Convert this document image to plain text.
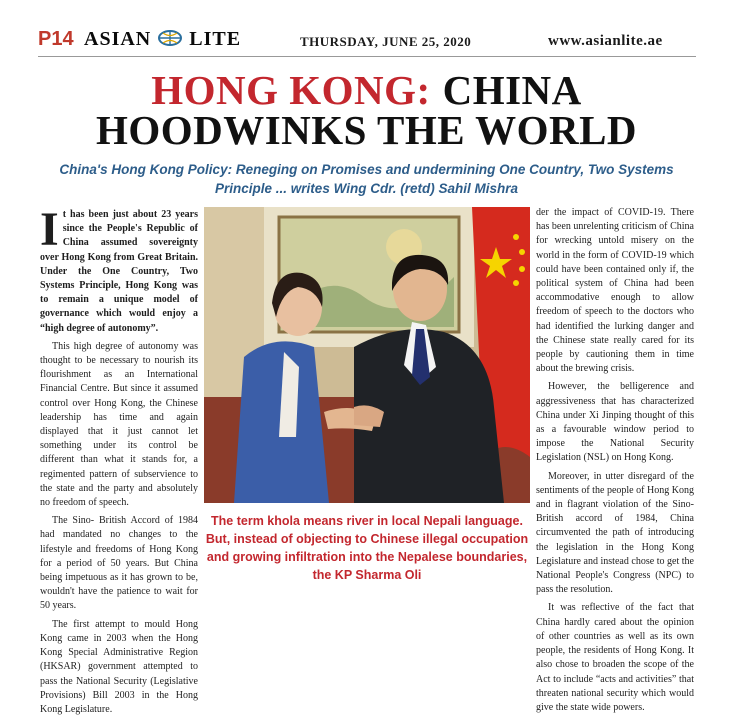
P14 ASIAN LITE	THURSDAY, JUNE 25, 2020	www.asianlite.ae
HONG KONG: CHINA
HOODWINKS THE WORLD
China's Hong Kong Policy: Reneging on Promises and undermining One Country, Two Systems
Principle ... writes Wing Cdr. (retd) Sahil Mishra

It has been just about 23 years since the People's Republic of China assumed sovereignty over Hong Kong from Great Britain. Under the One Country, Two Systems Principle, Hong Kong was to remain a unique model of governance which would enjoy a “high degree of autonomy”.

This high degree of autonomy was thought to be necessary to nourish its flourishment as an International Financial Centre. But since it assumed control over Hong Kong, the Chinese leadership has time and again displayed that it just cannot let something under its control be different than what it stands for, a regimented pattern of subservience to the state and the party and absolutely no freedom of speech.

The Sino- British Accord of 1984 had mandated no changes to the lifestyle and freedoms of Hong Kong for a period of 50 years. But China being impetuous as it has grown to be, wouldn't have the patience to wait for 50 years.

The first attempt to mould Hong Kong came in 2003 when the Hong Kong Special Administrative Region (HKSAR) government attempted to pass the National Security (Legislative Provisions) Bill 2003 in the Hong Kong Legislature.

The term khola means river in local Nepali language. But, instead of objecting to Chinese illegal occupation and growing infiltration into the Nepalese boundaries, the KP Sharma Oli

der the impact of COVID-19. There has been unrelenting criticism of China for wrecking untold misery on the world in the form of COVID-19 which could have been contained only if, the political system of China had been accommodative enough to allow freedom of speech to the doctors who had identified the lurking danger and the Chinese state really cared for its people by cautioning them in time about the brewing crisis.

However, the belligerence and aggressiveness that has characterized China under Xi Jinping thought of this as a favourable window period to impose the National Security Legislation (NSL) on Hong Kong.

Moreover, in utter disregard of the sentiments of the people of Hong Kong and in flagrant violation of the Sino-British accord of 1984, China circumvented the path of introducing the legislation in the Hong Kong Legislature and instead chose to get the National People's Congress (NPC) to pass the resolution.

It was reflective of the fact that China hardly cared about the opinion of other countries as well as its own people, the residents of Hong Kong. It also chose to broaden the scope of the Act to include “acts and activities” that threaten national security which would give the state wide powers.
